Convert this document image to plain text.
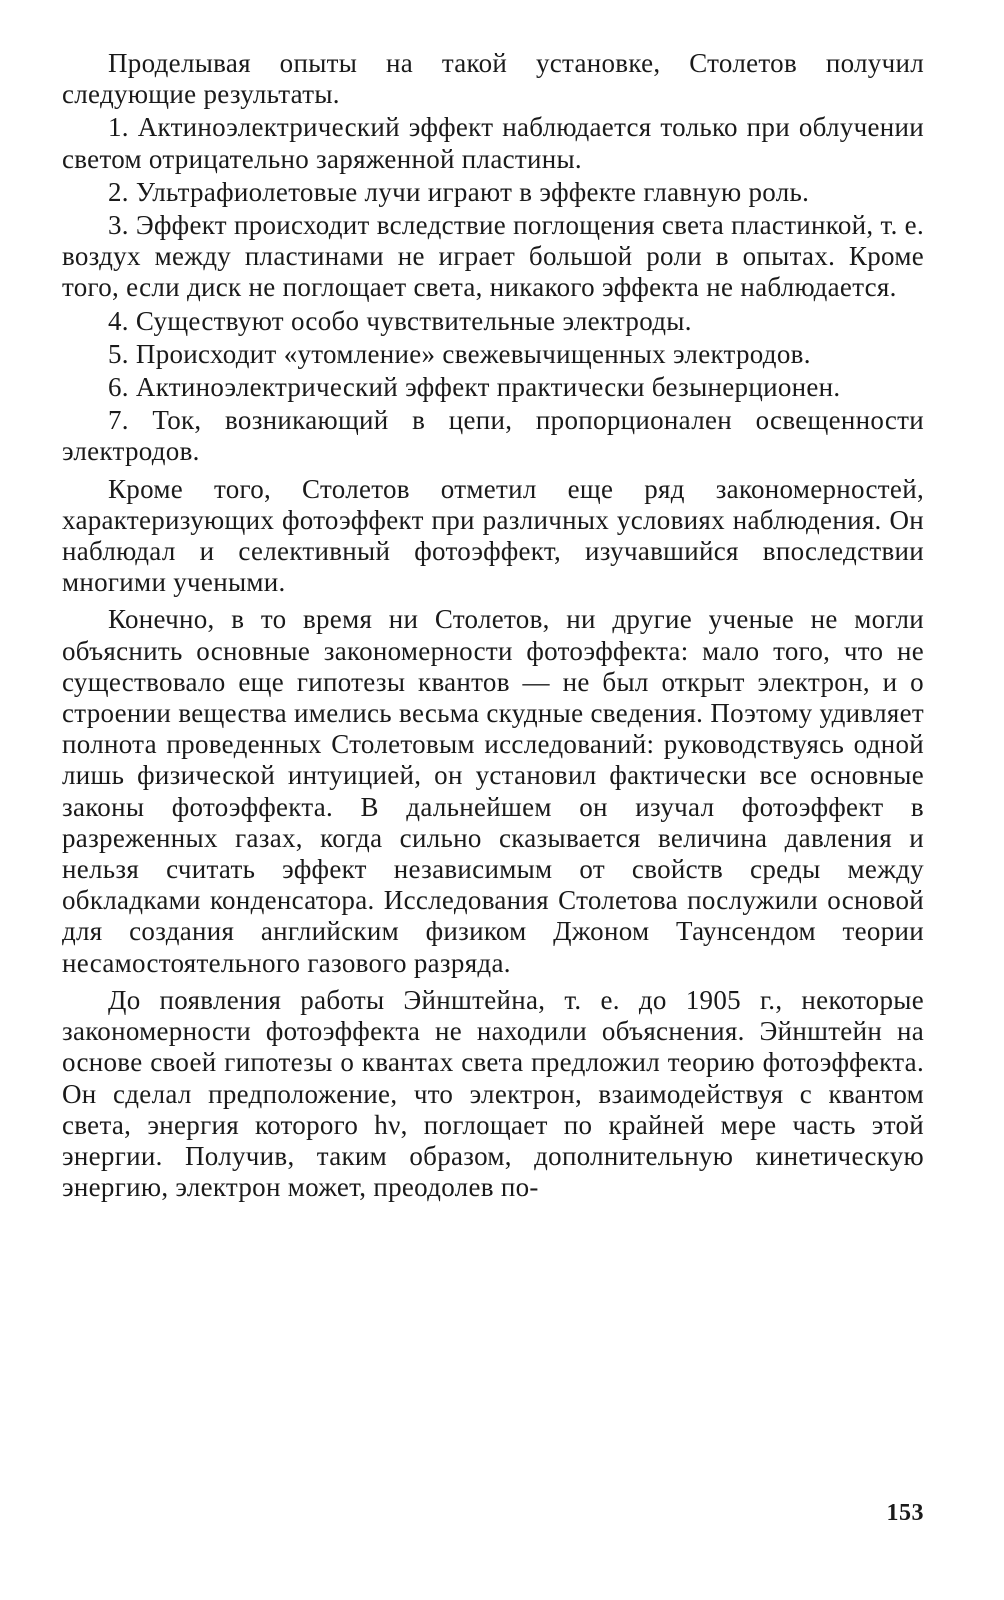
Проделывая опыты на такой установке, Столетов получил следующие результаты.

1. Актиноэлектрический эффект наблюдается только при облучении светом отрицательно заряженной пластины.

2. Ультрафиолетовые лучи играют в эффекте главную роль.

3. Эффект происходит вследствие поглощения света пластинкой, т. е. воздух между пластинами не играет большой роли в опытах. Кроме того, если диск не поглощает света, никакого эффекта не наблюдается.

4. Существуют особо чувствительные электроды.

5. Происходит «утомление» свежевычищенных электродов.

6. Актиноэлектрический эффект практически безынерционен.

7. Ток, возникающий в цепи, пропорционален освещенности электродов.

Кроме того, Столетов отметил еще ряд закономерностей, характеризующих фотоэффект при различных условиях наблюдения. Он наблюдал и селективный фотоэффект, изучавшийся впоследствии многими учеными.

Конечно, в то время ни Столетов, ни другие ученые не могли объяснить основные закономерности фотоэффекта: мало того, что не существовало еще гипотезы квантов — не был открыт электрон, и о строении вещества имелись весьма скудные сведения. Поэтому удивляет полнота проведенных Столетовым исследований: руководствуясь одной лишь физической интуицией, он установил фактически все основные законы фотоэффекта. В дальнейшем он изучал фотоэффект в разреженных газах, когда сильно сказывается величина давления и нельзя считать эффект независимым от свойств среды между обкладками конденсатора. Исследования Столетова послужили основой для создания английским физиком Джоном Таунсендом теории несамостоятельного газового разряда.

До появления работы Эйнштейна, т. е. до 1905 г., некоторые закономерности фотоэффекта не находили объяснения. Эйнштейн на основе своей гипотезы о квантах света предложил теорию фотоэффекта. Он сделал предположение, что электрон, взаимодействуя с квантом света, энергия которого hν, поглощает по крайней мере часть этой энергии. Получив, таким образом, дополнительную кинетическую энергию, электрон может, преодолев по-

153
